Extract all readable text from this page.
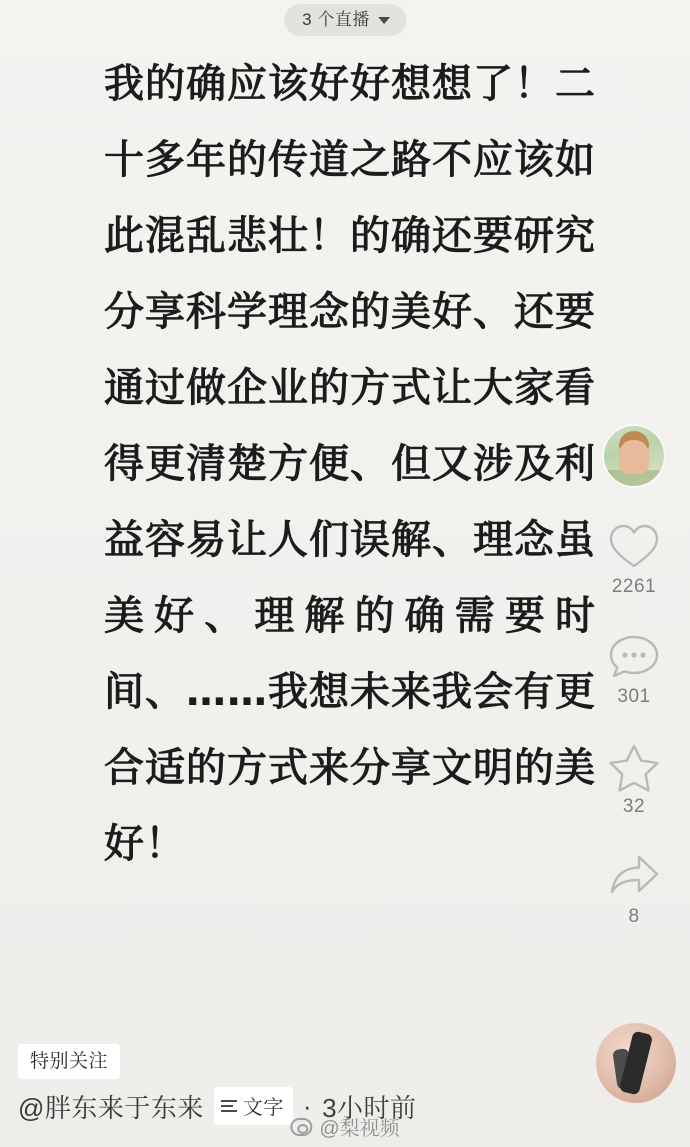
3 个直播
我的确应该好好想想了！二十多年的传道之路不应该如此混乱悲壮！的确还要研究分享科学理念的美好、还要通过做企业的方式让大家看得更清楚方便、但又涉及利益容易让人们误解、理念虽美好、理解的确需要时间、……我想未来我会有更合适的方式来分享文明的美好！
2261
301
32
8
特别关注
@胖东来于东来 文字 · 3小时前
@梨视频
